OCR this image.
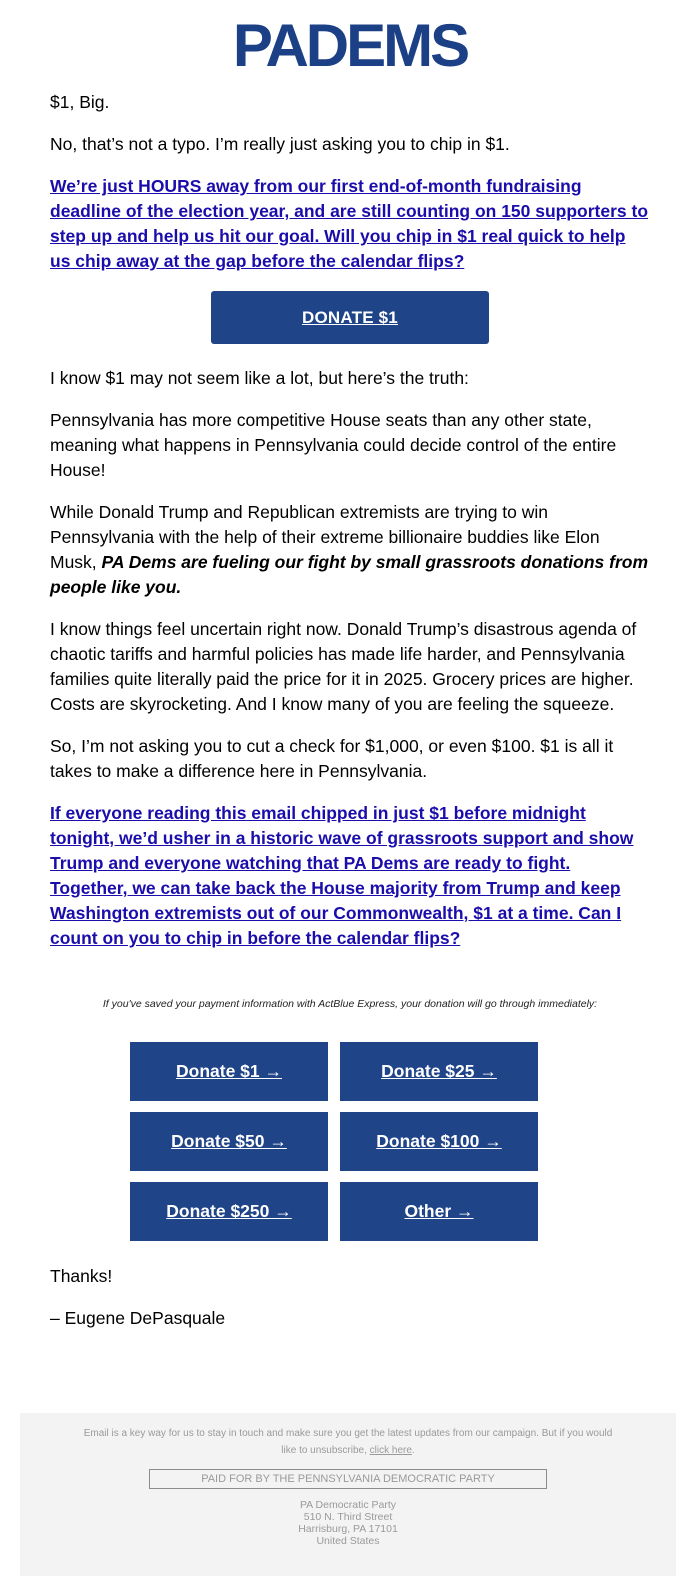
PADEMS

$1, Big.

No, that’s not a typo. I’m really just asking you to chip in $1.

We’re just HOURS away from our first end-of-month fundraising deadline of the election year, and are still counting on 150 supporters to step up and help us hit our goal. Will you chip in $1 real quick to help us chip away at the gap before the calendar flips?

DONATE $1

I know $1 may not seem like a lot, but here’s the truth:

Pennsylvania has more competitive House seats than any other state, meaning what happens in Pennsylvania could decide control of the entire House!

While Donald Trump and Republican extremists are trying to win Pennsylvania with the help of their extreme billionaire buddies like Elon Musk, PA Dems are fueling our fight by small grassroots donations from people like you.

I know things feel uncertain right now. Donald Trump’s disastrous agenda of chaotic tariffs and harmful policies has made life harder, and Pennsylvania families quite literally paid the price for it in 2025. Grocery prices are higher. Costs are skyrocketing. And I know many of you are feeling the squeeze.

So, I’m not asking you to cut a check for $1,000, or even $100. $1 is all it takes to make a difference here in Pennsylvania.

If everyone reading this email chipped in just $1 before midnight tonight, we’d usher in a historic wave of grassroots support and show Trump and everyone watching that PA Dems are ready to fight. Together, we can take back the House majority from Trump and keep Washington extremists out of our Commonwealth, $1 at a time. Can I count on you to chip in before the calendar flips?

If you've saved your payment information with ActBlue Express, your donation will go through immediately:
Donate $1 →	Donate $25 →
Donate $50 →	Donate $100 →
Donate $250 →	Other →
Thanks!
– Eugene DePasquale
Email is a key way for us to stay in touch and make sure you get the latest updates from our campaign. But if you would like to unsubscribe, click here.
PAID FOR BY THE PENNSYLVANIA DEMOCRATIC PARTY
PA Democratic Party
510 N. Third Street
Harrisburg, PA 17101
United States
